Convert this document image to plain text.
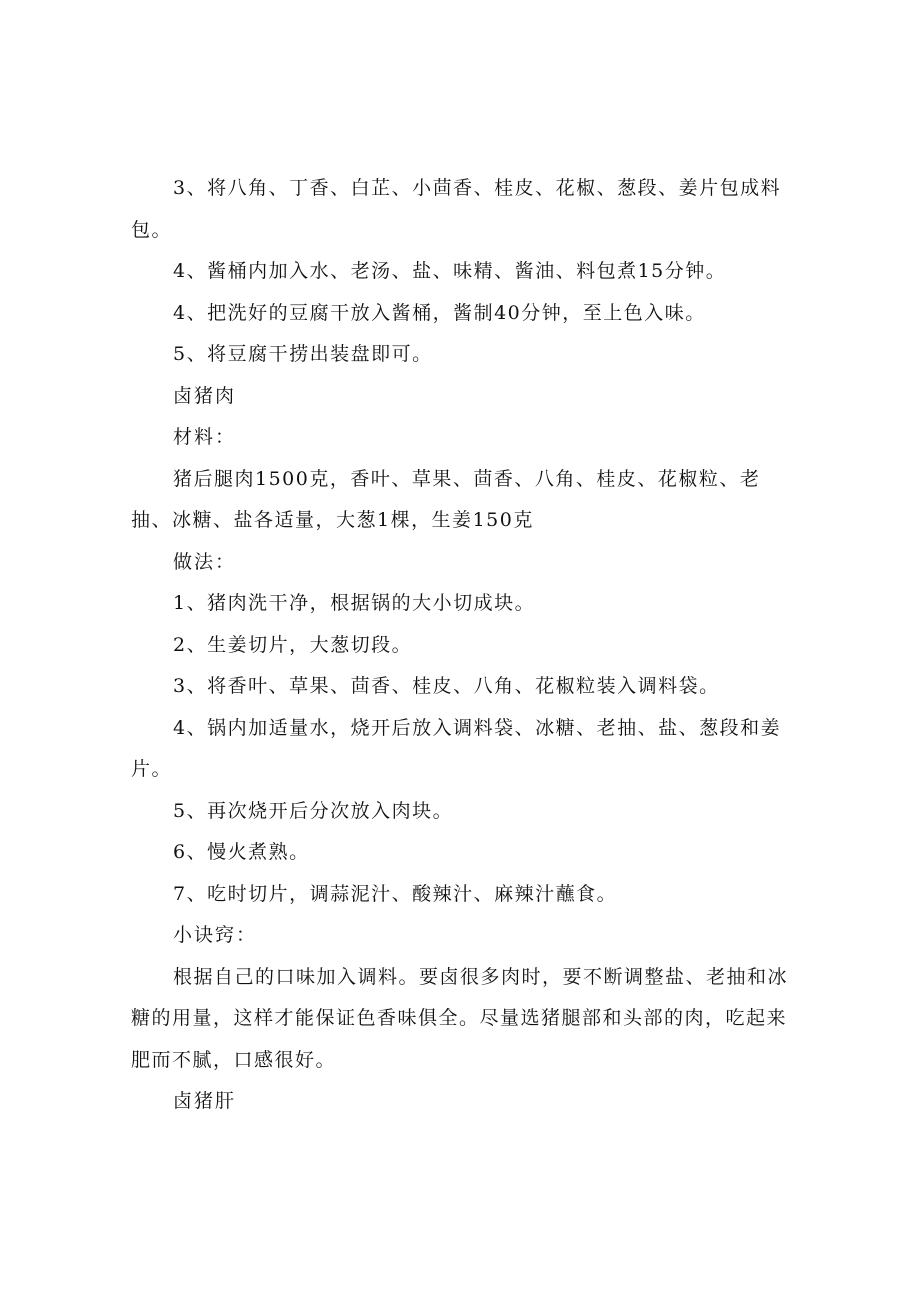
3、将八角、丁香、白芷、小茴香、桂皮、花椒、葱段、姜片包成料包。

4、酱桶内加入水、老汤、盐、味精、酱油、料包煮15分钟。

4、把洗好的豆腐干放入酱桶，酱制40分钟，至上色入味。

5、将豆腐干捞出装盘即可。

卤猪肉

材料：

猪后腿肉1500克，香叶、草果、茴香、八角、桂皮、花椒粒、老抽、冰糖、盐各适量，大葱1棵，生姜150克

做法：

1、猪肉洗干净，根据锅的大小切成块。

2、生姜切片，大葱切段。

3、将香叶、草果、茴香、桂皮、八角、花椒粒装入调料袋。

4、锅内加适量水，烧开后放入调料袋、冰糖、老抽、盐、葱段和姜片。

5、再次烧开后分次放入肉块。

6、慢火煮熟。

7、吃时切片，调蒜泥汁、酸辣汁、麻辣汁蘸食。

小诀窍：

根据自己的口味加入调料。要卤很多肉时，要不断调整盐、老抽和冰糖的用量，这样才能保证色香味俱全。尽量选猪腿部和头部的肉，吃起来肥而不腻，口感很好。

卤猪肝
